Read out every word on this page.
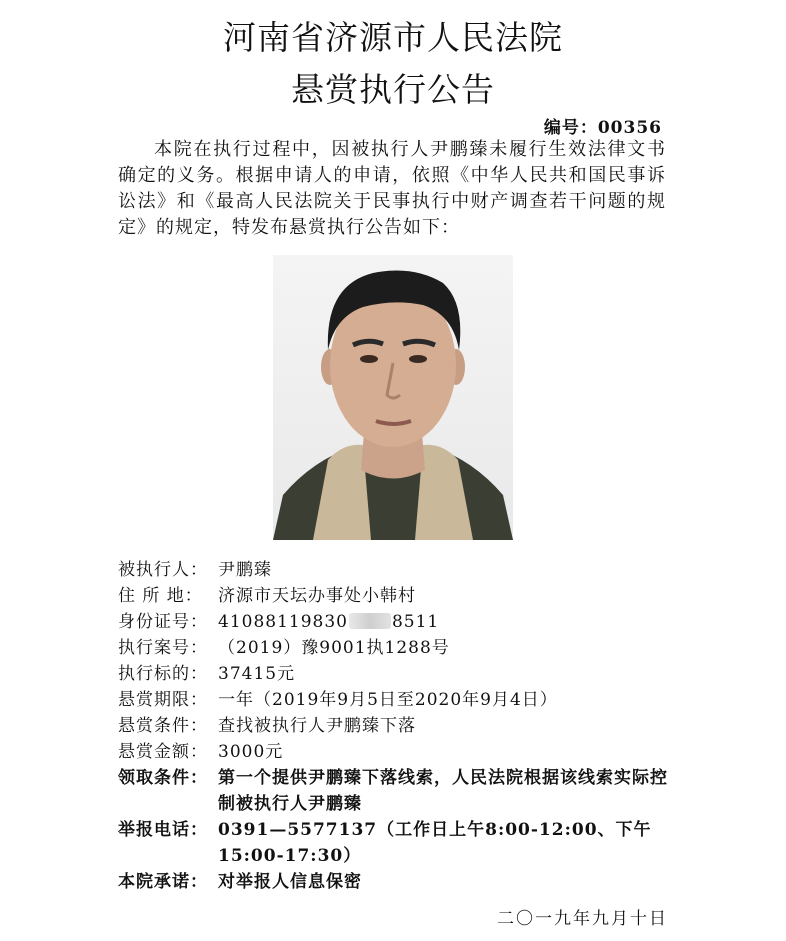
河南省济源市人民法院
悬赏执行公告
编号：00356
本院在执行过程中，因被执行人尹鹏臻未履行生效法律文书确定的义务。根据申请人的申请，依照《中华人民共和国民事诉讼法》和《最高人民法院关于民事执行中财产调查若干问题的规定》的规定，特发布悬赏执行公告如下：
被执行人： 尹鹏臻
住 所 地： 济源市天坛办事处小韩村
身份证号： 41088119830	8511
执行案号： （2019）豫9001执1288号
执行标的： 37415元
悬赏期限： 一年（2019年9月5日至2020年9月4日）
悬赏条件： 查找被执行人尹鹏臻下落
悬赏金额： 3000元
领取条件： 第一个提供尹鹏臻下落线索，人民法院根据该线索实际控制被执行人尹鹏臻
举报电话： 0391—5577137（工作日上午8:00-12:00、下午15:00-17:30）
本院承诺： 对举报人信息保密
二〇一九年九月十日
